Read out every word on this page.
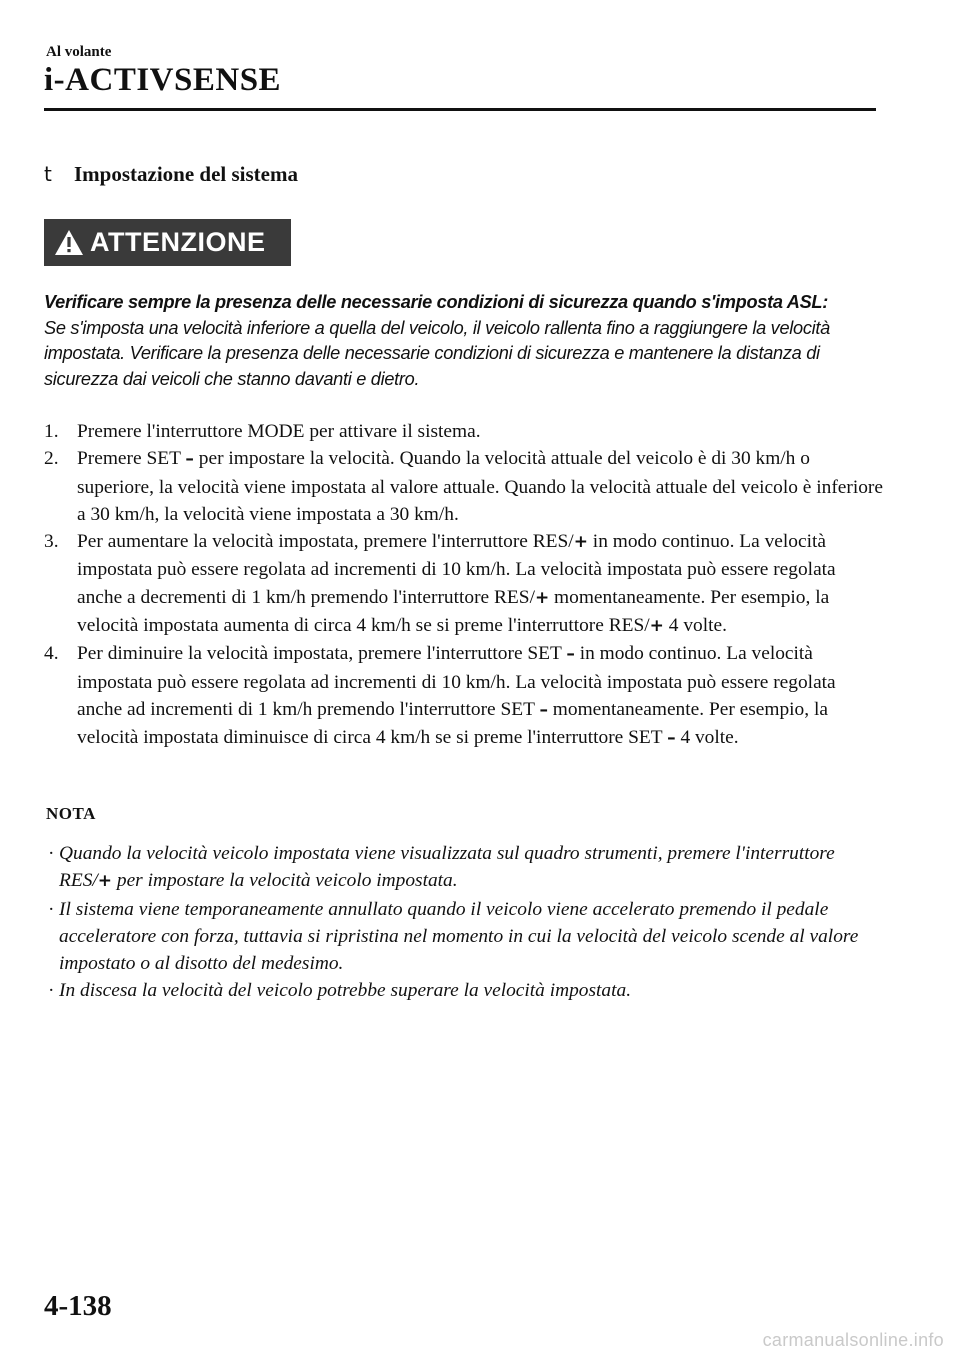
Al volante
i-ACTIVSENSE
t	Impostazione del sistema
ATTENZIONE
Verificare sempre la presenza delle necessarie condizioni di sicurezza quando s'imposta ASL:
Se s'imposta una velocità inferiore a quella del veicolo, il veicolo rallenta fino a raggiungere la velocità impostata. Verificare la presenza delle necessarie condizioni di sicurezza e mantenere la distanza di sicurezza dai veicoli che stanno davanti e dietro.
1. Premere l'interruttore MODE per attivare il sistema.
2. Premere SET – per impostare la velocità. Quando la velocità attuale del veicolo è di 30 km/h o superiore, la velocità viene impostata al valore attuale. Quando la velocità attuale del veicolo è inferiore a 30 km/h, la velocità viene impostata a 30 km/h.
3. Per aumentare la velocità impostata, premere l'interruttore RES/+ in modo continuo. La velocità impostata può essere regolata ad incrementi di 10 km/h. La velocità impostata può essere regolata anche a decrementi di 1 km/h premendo l'interruttore RES/+ momentaneamente. Per esempio, la velocità impostata aumenta di circa 4 km/h se si preme l'interruttore RES/+ 4 volte.
4. Per diminuire la velocità impostata, premere l'interruttore SET – in modo continuo. La velocità impostata può essere regolata ad incrementi di 10 km/h. La velocità impostata può essere regolata anche ad incrementi di 1 km/h premendo l'interruttore SET – momentaneamente. Per esempio, la velocità impostata diminuisce di circa 4 km/h se si preme l'interruttore SET – 4 volte.
NOTA
· Quando la velocità veicolo impostata viene visualizzata sul quadro strumenti, premere l'interruttore RES/+ per impostare la velocità veicolo impostata.
· Il sistema viene temporaneamente annullato quando il veicolo viene accelerato premendo il pedale acceleratore con forza, tuttavia si ripristina nel momento in cui la velocità del veicolo scende al valore impostato o al disotto del medesimo.
· In discesa la velocità del veicolo potrebbe superare la velocità impostata.
4-138
carmanualsonline.info
